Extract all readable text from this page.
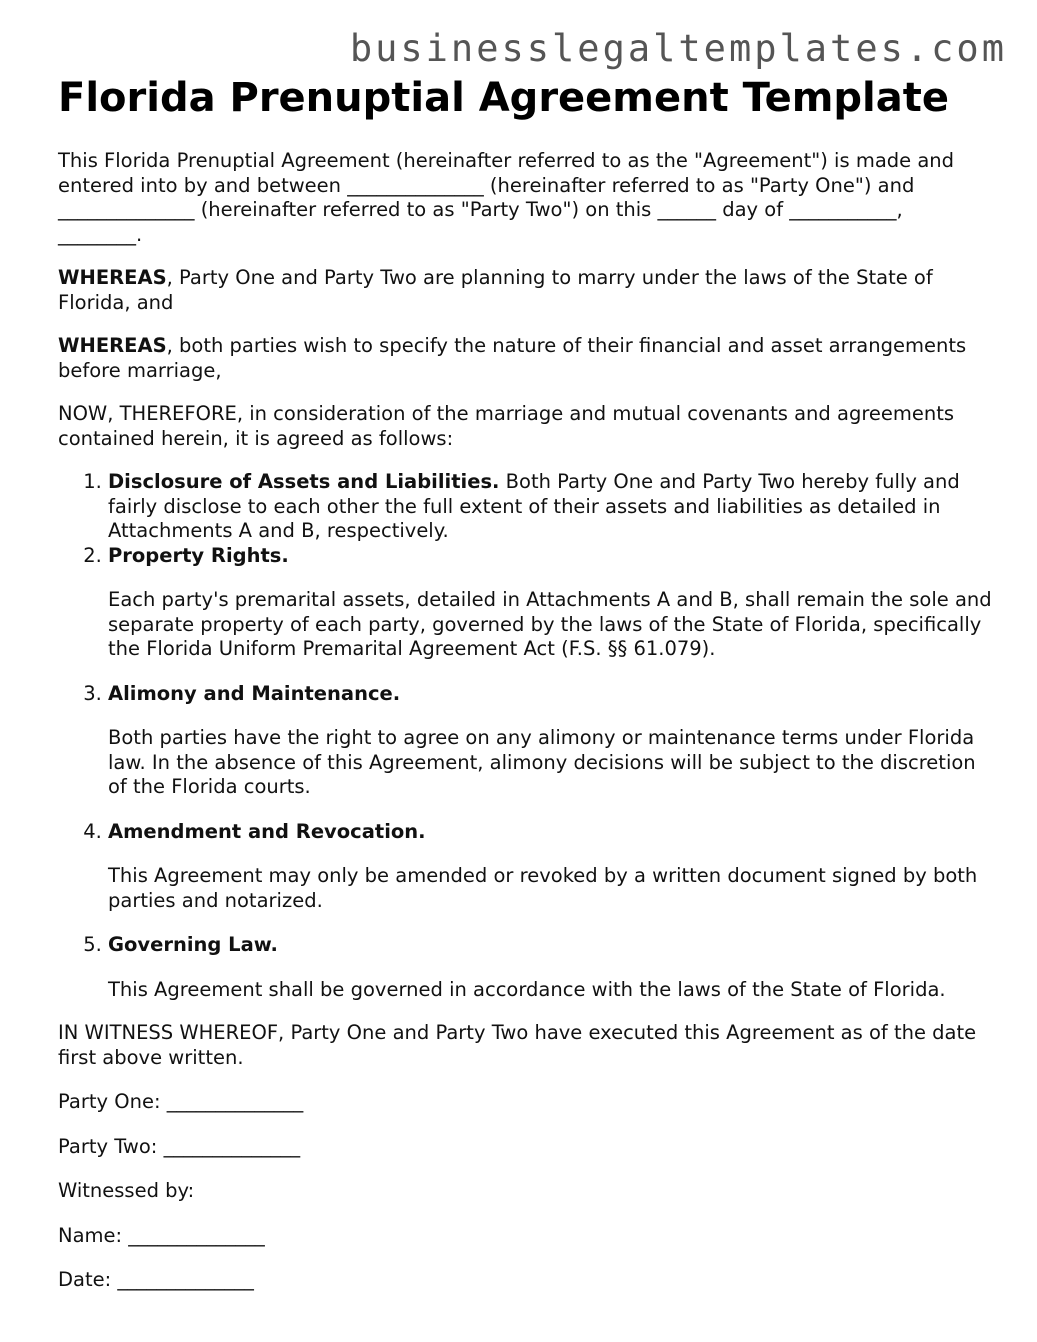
businesslegaltemplates.com
Florida Prenuptial Agreement Template

This Florida Prenuptial Agreement (hereinafter referred to as the "Agreement") is made and entered into by and between ______________ (hereinafter referred to as "Party One") and ______________ (hereinafter referred to as "Party Two") on this ______ day of ___________, ________.

WHEREAS, Party One and Party Two are planning to marry under the laws of the State of Florida, and

WHEREAS, both parties wish to specify the nature of their financial and asset arrangements before marriage,

NOW, THEREFORE, in consideration of the marriage and mutual covenants and agreements contained herein, it is agreed as follows:

1. Disclosure of Assets and Liabilities. Both Party One and Party Two hereby fully and fairly disclose to each other the full extent of their assets and liabilities as detailed in Attachments A and B, respectively.
2. Property Rights.
Each party's premarital assets, detailed in Attachments A and B, shall remain the sole and separate property of each party, governed by the laws of the State of Florida, specifically the Florida Uniform Premarital Agreement Act (F.S. §§ 61.079).
3. Alimony and Maintenance.
Both parties have the right to agree on any alimony or maintenance terms under Florida law. In the absence of this Agreement, alimony decisions will be subject to the discretion of the Florida courts.
4. Amendment and Revocation.
This Agreement may only be amended or revoked by a written document signed by both parties and notarized.
5. Governing Law.
This Agreement shall be governed in accordance with the laws of the State of Florida.

IN WITNESS WHEREOF, Party One and Party Two have executed this Agreement as of the date first above written.

Party One: ______________

Party Two: ______________

Witnessed by:

Name: ______________

Date: ______________
